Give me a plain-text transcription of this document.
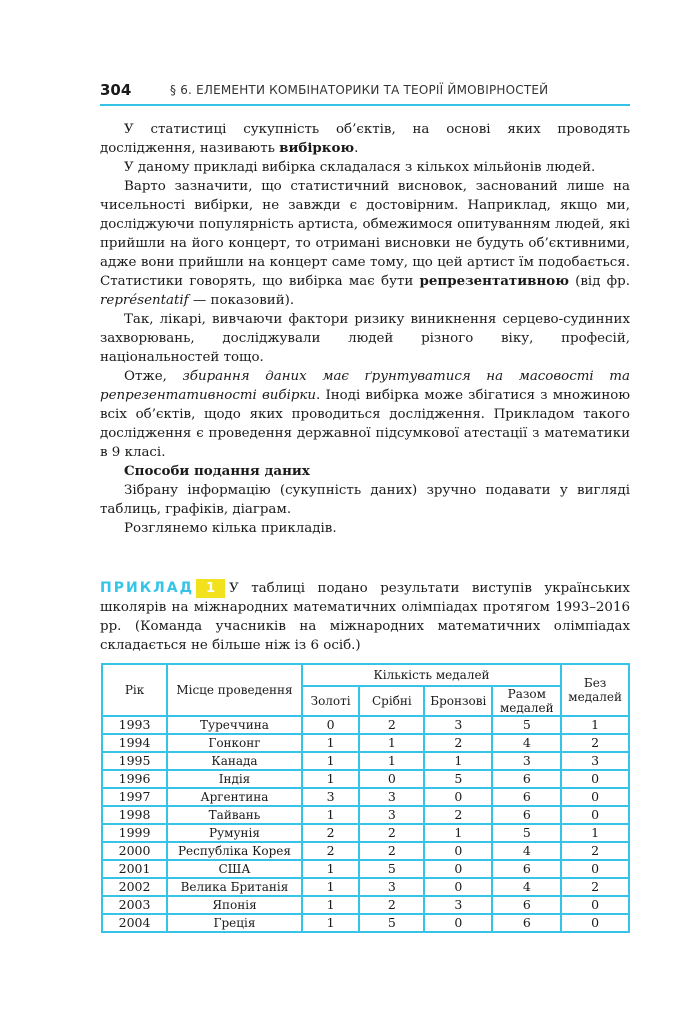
304	§ 6. ЕЛЕМЕНТИ КОМБІНАТОРИКИ ТА ТЕОРІЇ ЙМОВІРНОСТЕЙ

У статистиці сукупність об’єктів, на основі яких проводять дослідження, називають вибіркою.

У даному прикладі вибірка складалася з кількох мільйонів людей.

Варто зазначити, що статистичний висновок, заснований лише на чисельності вибірки, не завжди є достовірним. Наприклад, якщо ми, досліджуючи популярність артиста, обмежимося опитуванням людей, які прийшли на його концерт, то отримані висновки не будуть об’єктивними, адже вони прийшли на концерт саме тому, що цей артист їм подобається. Статистики говорять, що вибірка має бути репрезентативною (від фр. représentatif — показовий).

Так, лікарі, вивчаючи фактори ризику виникнення серцево-судинних захворювань, досліджували людей різного віку, професій, національностей тощо.

Отже, збирання даних має ґрунтуватися на масовості та репрезентативності вибірки. Іноді вибірка може збігатися з множиною всіх об’єктів, щодо яких проводиться дослідження. Прикладом такого дослідження є проведення державної підсумкової атестації з математики в 9 класі.

Способи подання даних

Зібрану інформацію (сукупність даних) зручно подавати у вигляді таблиць, графіків, діаграм.

Розглянемо кілька прикладів.

ПРИКЛАД 1 У таблиці подано результати виступів українських школярів на міжнародних математичних олімпіадах протягом 1993–2016 рр. (Команда учасників на міжнародних математичних олімпіадах складається не більше ніж із 6 осіб.)
Рік	Місце проведення	Кількість медалей				Без медалей
		Золоті	Срібні	Бронзові	Разом медалей	
1993	Туреччина	0	2	3	5	1
1994	Гонконг	1	1	2	4	2
1995	Канада	1	1	1	3	3
1996	Індія	1	0	5	6	0
1997	Аргентина	3	3	0	6	0
1998	Тайвань	1	3	2	6	0
1999	Румунія	2	2	1	5	1
2000	Республіка Корея	2	2	0	4	2
2001	США	1	5	0	6	0
2002	Велика Британія	1	3	0	4	2
2003	Японія	1	2	3	6	0
2004	Греція	1	5	0	6	0
